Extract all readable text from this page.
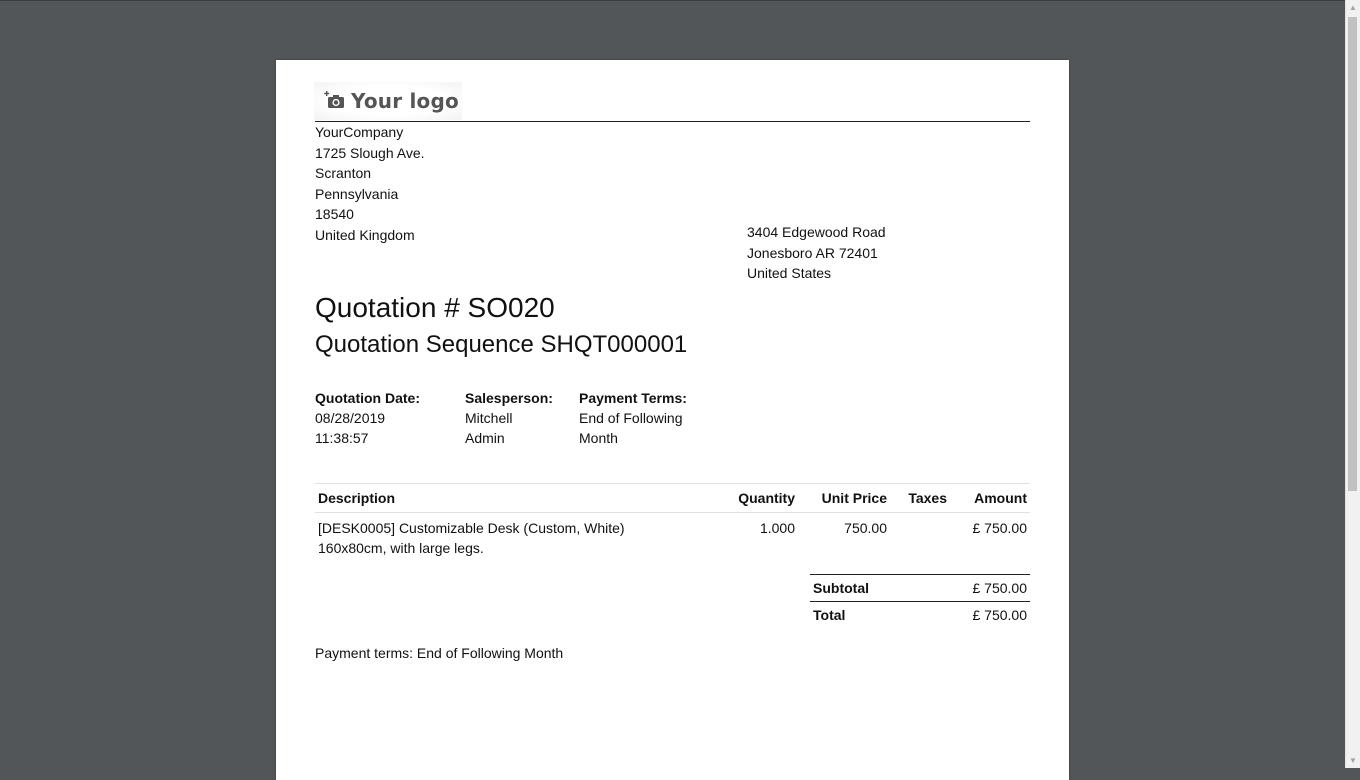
Your logo
YourCompany
1725 Slough Ave.
Scranton
Pennsylvania
18540
United Kingdom	3404 Edgewood Road
Jonesboro AR 72401
United States
Quotation # SO020
Quotation Sequence SHQT000001
Quotation Date:
08/28/2019
11:38:57
Salesperson:
Mitchell
Admin
Payment Terms:
End of Following
Month
Description	Quantity	Unit Price	Taxes	Amount

[DESK0005] Customizable Desk (Custom, White)
160x80cm, with large legs.	1.000	750.00		£ 750.00
Subtotal	£ 750.00
Total	£ 750.00
Payment terms: End of Following Month
▲
▼
